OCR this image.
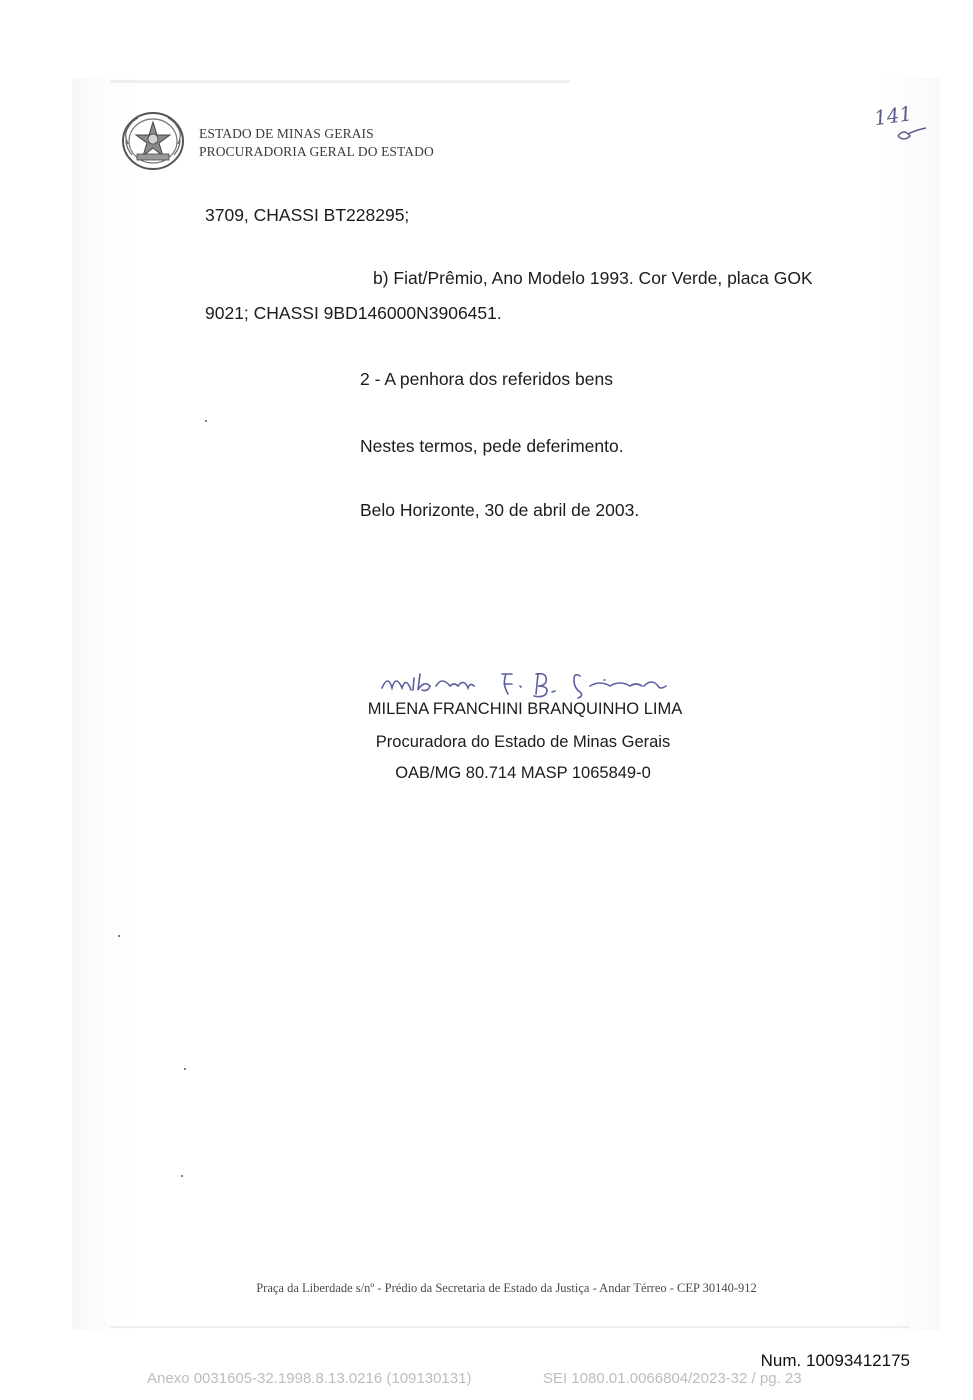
ESTADO DE MINAS GERAIS
PROCURADORIA GERAL DO ESTADO
141
3709, CHASSI BT228295;
b) Fiat/Prêmio, Ano Modelo 1993. Cor Verde, placa GOK
9021; CHASSI 9BD146000N3906451.
2 - A penhora dos referidos bens
Nestes termos, pede deferimento.
Belo Horizonte, 30 de abril de 2003.
MILENA FRANCHINI BRANQUINHO LIMA
Procuradora do Estado de Minas Gerais
OAB/MG 80.714 MASP 1065849-0
Praça da Liberdade s/nº - Prédio da Secretaria de Estado da Justiça - Andar Térreo - CEP 30140-912
Num. 10093412175
Anexo 0031605-32.1998.8.13.0216 (109130131)	SEI 1080.01.0066804/2023-32 / pg. 23
